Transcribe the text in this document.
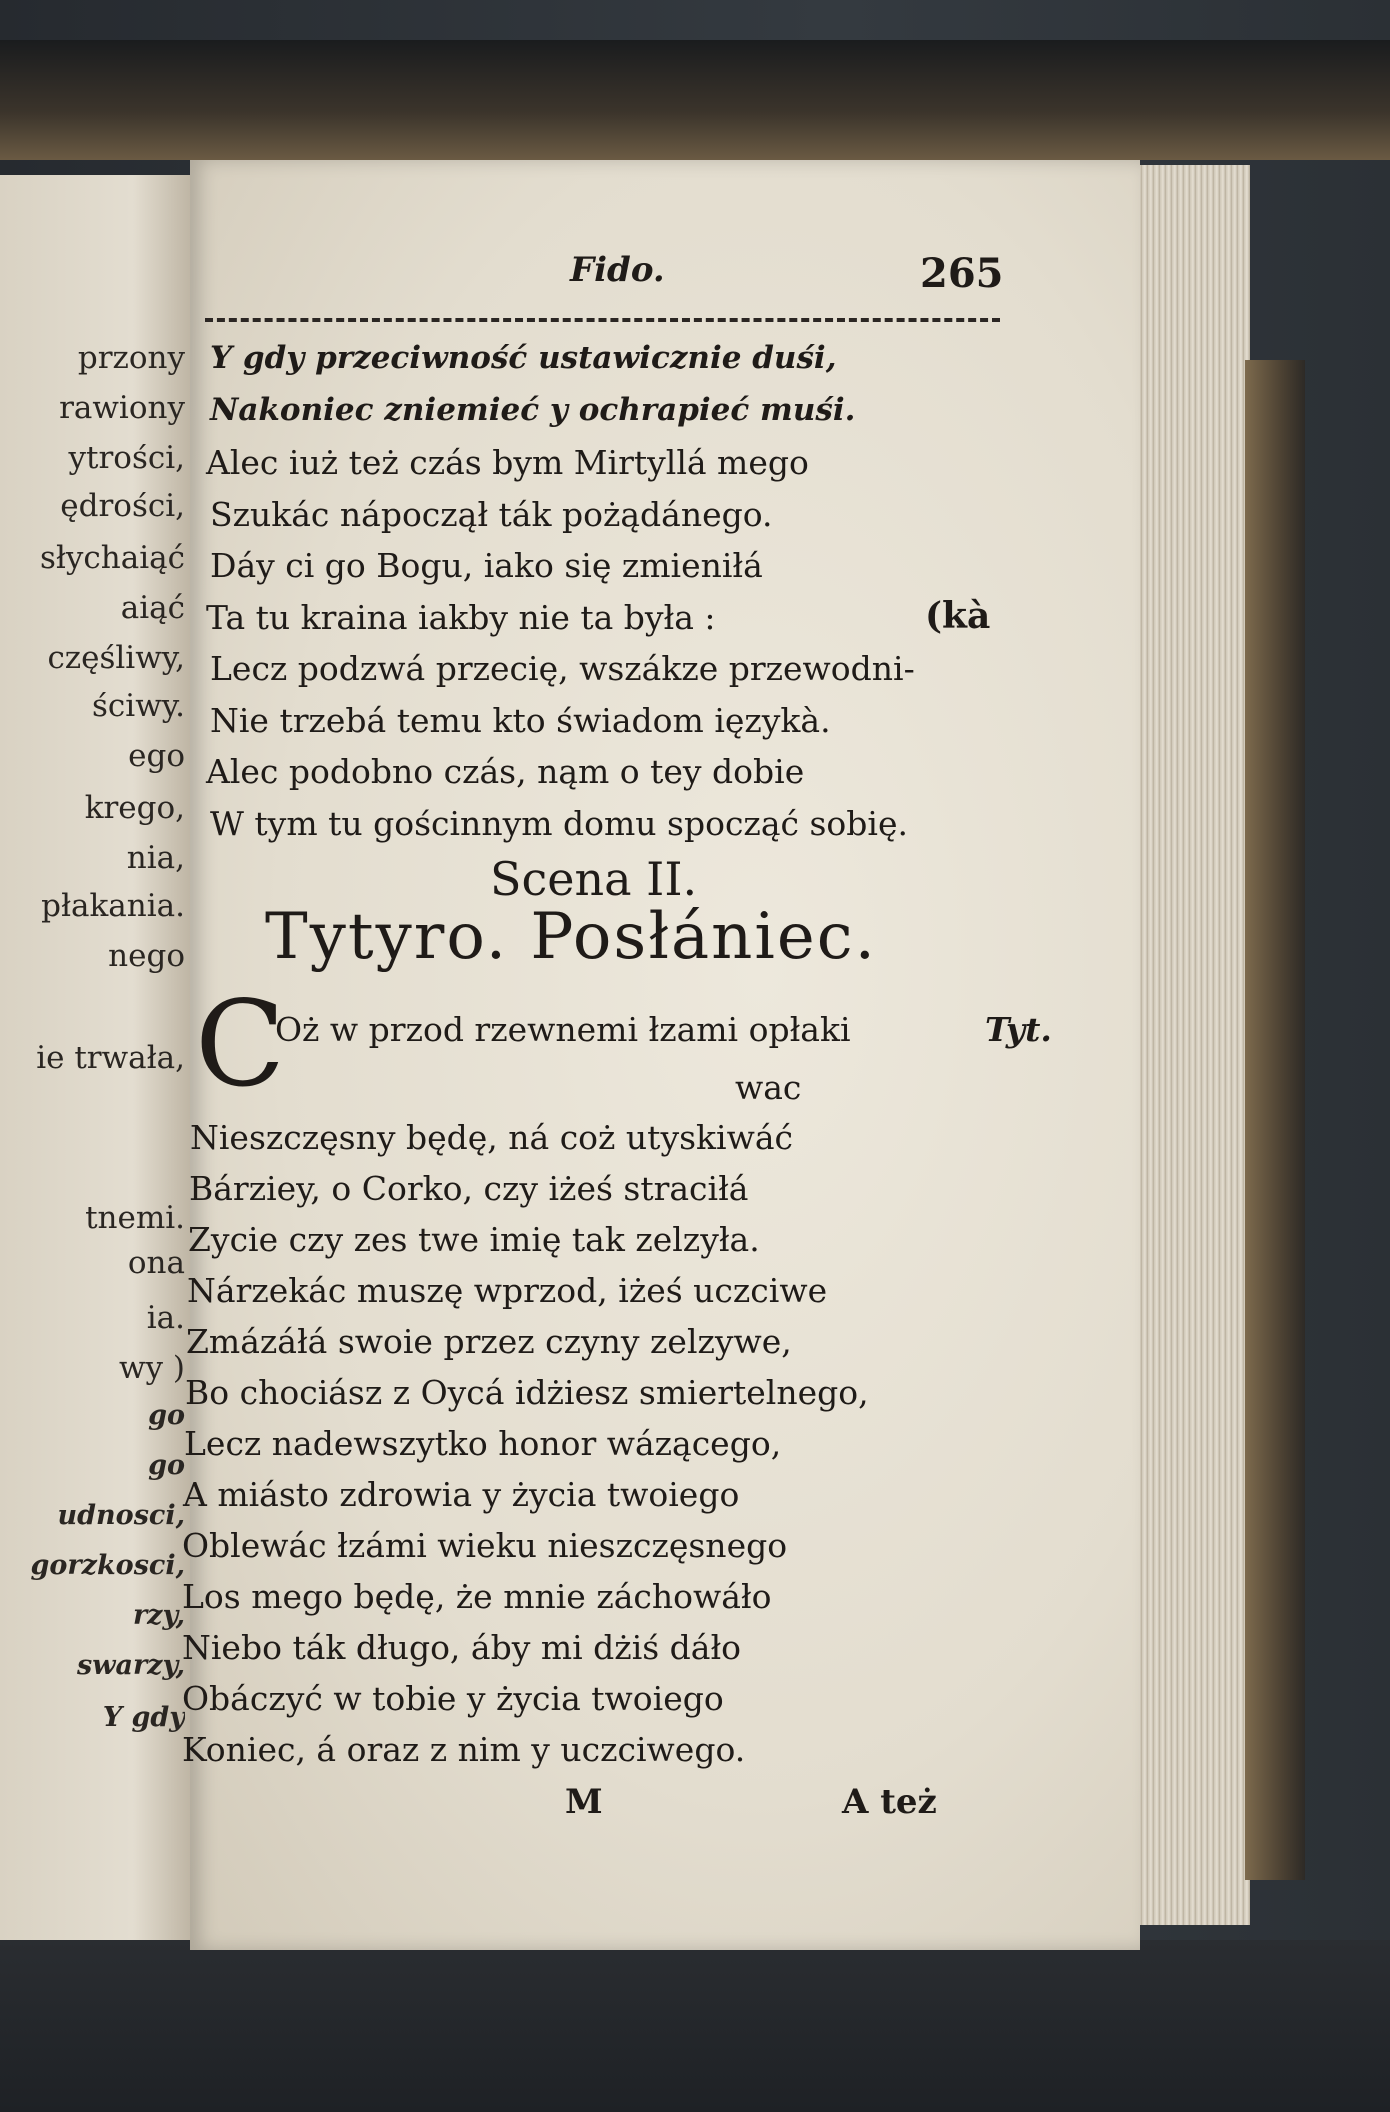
przony
rawiony
ytrości,
ędrości,
słychaiąć
aiąć
częśliwy,
ściwy.
ego
krego,
nia,
płakania.
nego
ie trwała,
tnemi.
ona
ia.
wy )
go
go
udnosci,
gorzkosci,
rzy,
swarzy,
Y gdy
Fido.	265
Y gdy przeciwność ustawicznie duśi,
Nakoniec zniemieć y ochrapieć muśi.
Alec iuż też czás bym Mirtyllá mego
Szukác nápoczął ták pożądánego.
Dáy ci go Bogu, iako się zmieniłá
Ta tu kraina iakby nie ta była :
Lecz podzwá przecię, wszákze przewodni-
Nie trzebá temu kto świadom ięzykà.
Alec podobno czás, nąm o tey dobie
W tym tu gościnnym domu spocząć sobię.
(kà
Scena II.
Tytyro. Posłániec.
C
Oż w przod rzewnemi łzami opłaki	Tyt.
wac
Nieszczęsny będę, ná coż utyskiwáć
Bárziey, o Corko, czy iżeś straciłá
Zycie czy zes twe imię tak zelzyła.
Nárzekác muszę wprzod, iżeś uczciwe
Zmázáłá swoie przez czyny zelzywe,
Bo chociász z Oycá idżiesz smiertelnego,
Lecz nadewszytko honor wázącego,
A miásto zdrowia y życia twoiego
Oblewác łzámi wieku nieszczęsnego
Los mego będę, że mnie záchowáło
Niebo ták długo, áby mi dżiś dáło
Obáczyć w tobie y życia twoiego
Koniec, á oraz z nim y uczciwego.
M	A też
